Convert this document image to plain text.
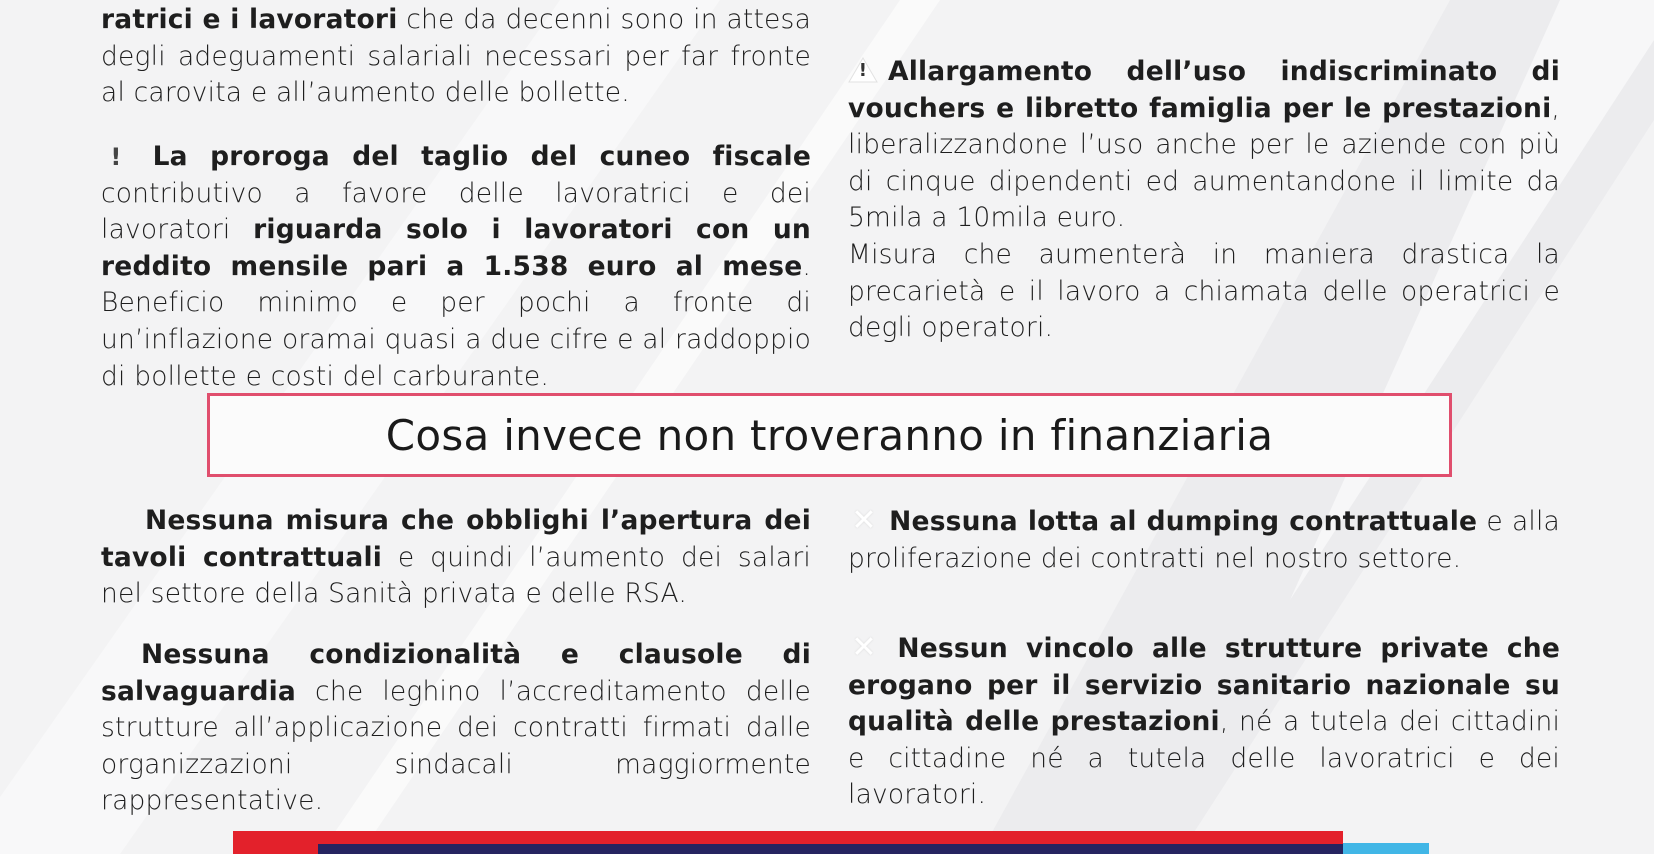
ratrici e i lavoratori che da decenni sono in attesa degli adeguamenti salariali necessari per far fronte al carovita e all’aumento delle bollette.

! La proroga del taglio del cuneo fiscale contributivo a favore delle lavoratrici e dei lavoratori riguarda solo i lavoratori con un reddito mensile pari a 1.538 euro al mese. Beneficio minimo e per pochi a fronte di un’inflazione oramai quasi a due cifre e al raddoppio di bollette e costi del carburante.

Nessuna misura che obblighi l’apertura dei tavoli contrattuali e quindi l’aumento dei salari nel settore della Sanità privata e delle RSA.

Nessuna condizionalità e clausole di salvaguardia che leghino l’accreditamento delle strutture all’applicazione dei contratti firmati dalle organizzazioni sindacali maggiormente rappresentative.

! Allargamento dell’uso indiscriminato di vouchers e libretto famiglia per le prestazioni, liberalizzandone l’uso anche per le aziende con più di cinque dipendenti ed aumentandone il limite da 5mila a 10mila euro.
Misura che aumenterà in maniera drastica la precarietà e il lavoro a chiamata delle operatrici e degli operatori.

✕ Nessuna lotta al dumping contrattuale e alla proliferazione dei contratti nel nostro settore.

✕ Nessun vincolo alle strutture private che erogano per il servizio sanitario nazionale su qualità delle prestazioni, né a tutela dei cittadini e cittadine né a tutela delle lavoratrici e dei lavoratori.

Cosa invece non troveranno in finanziaria
